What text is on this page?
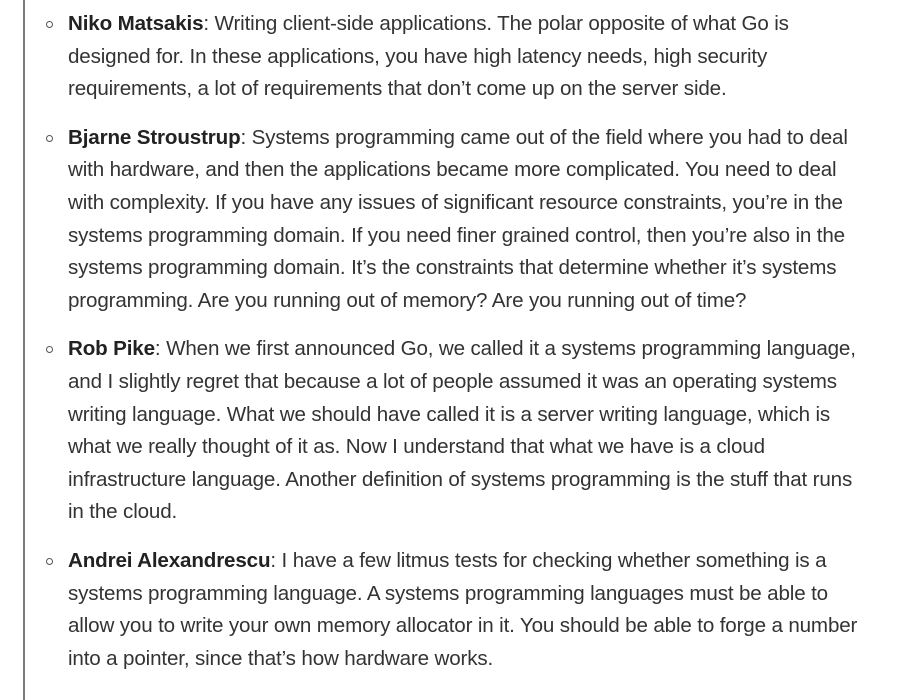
Niko Matsakis: Writing client-side applications. The polar opposite of what Go is designed for. In these applications, you have high latency needs, high security requirements, a lot of requirements that don’t come up on the server side.
Bjarne Stroustrup: Systems programming came out of the field where you had to deal with hardware, and then the applications became more complicated. You need to deal with complexity. If you have any issues of significant resource constraints, you’re in the systems programming domain. If you need finer grained control, then you’re also in the systems programming domain. It’s the constraints that determine whether it’s systems programming. Are you running out of memory? Are you running out of time?
Rob Pike: When we first announced Go, we called it a systems programming language, and I slightly regret that because a lot of people assumed it was an operating systems writing language. What we should have called it is a server writing language, which is what we really thought of it as. Now I understand that what we have is a cloud infrastructure language. Another definition of systems programming is the stuff that runs in the cloud.
Andrei Alexandrescu: I have a few litmus tests for checking whether something is a systems programming language. A systems programming languages must be able to allow you to write your own memory allocator in it. You should be able to forge a number into a pointer, since that’s how hardware works.
